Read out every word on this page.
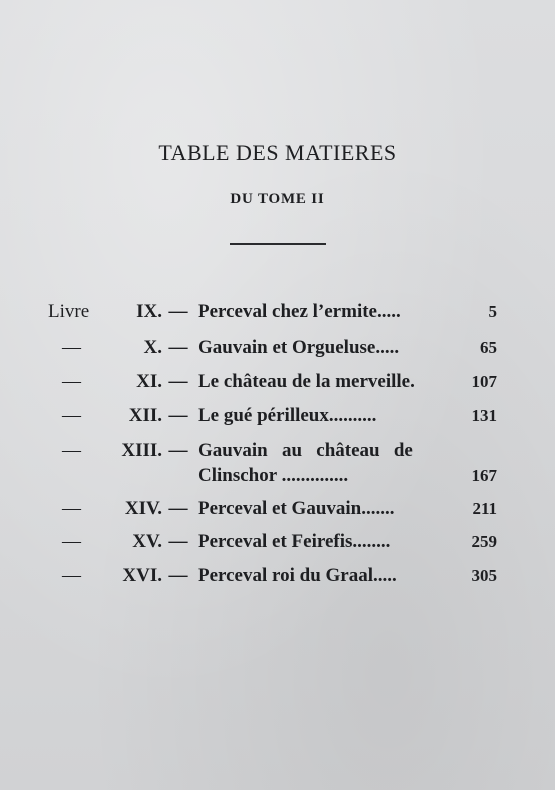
TABLE DES MATIERES
DU TOME II
Livre	IX. — Perceval chez l’ermite.....	5
—	X. — Gauvain et Orgueluse.....	65
—	XI. — Le château de la merveille.	107
—	XII. — Le gué périlleux..........	131
—	XIII. — Gauvain   au   château   de
Clinschor ..............	167
—	XIV. — Perceval et Gauvain.......	211
—	XV. — Perceval et Feirefis........	259
—	XVI. — Perceval roi du Graal.....	305
